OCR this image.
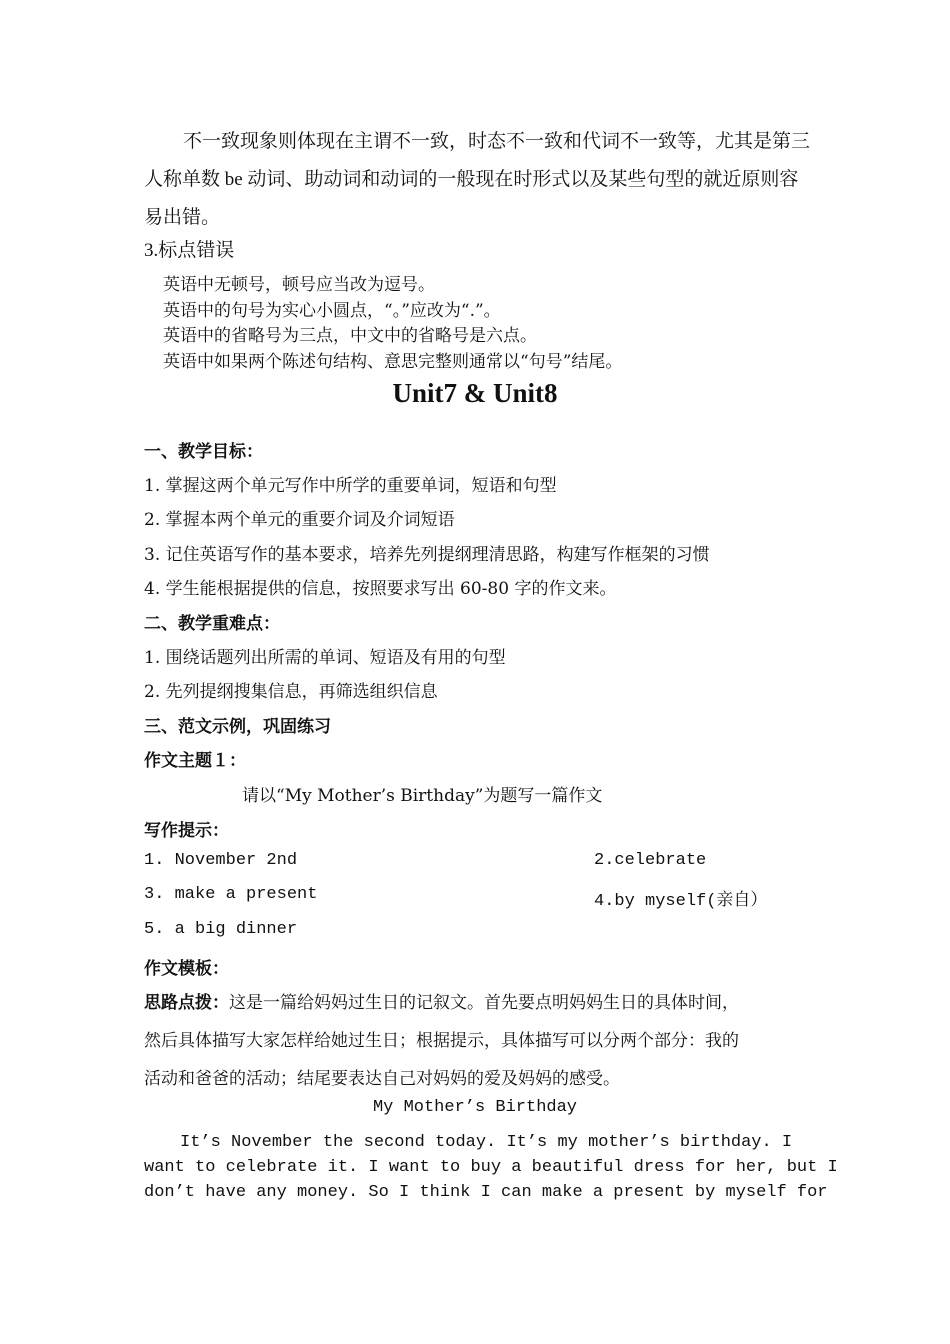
不一致现象则体现在主谓不一致，时态不一致和代词不一致等，尤其是第三
人称单数 be 动词、助动词和动词的一般现在时形式以及某些句型的就近原则容
易出错。
3.标点错误
英语中无顿号，顿号应当改为逗号。
英语中的句号为实心小圆点，“。”应改为“.”。
英语中的省略号为三点，中文中的省略号是六点。
英语中如果两个陈述句结构、意思完整则通常以“句号”结尾。
Unit7 & Unit8
一、教学目标：
1. 掌握这两个单元写作中所学的重要单词，短语和句型
2. 掌握本两个单元的重要介词及介词短语
3. 记住英语写作的基本要求，培养先列提纲理清思路，构建写作框架的习惯
4. 学生能根据提供的信息，按照要求写出 60-80 字的作文来。
二、教学重难点：
1. 围绕话题列出所需的单词、短语及有用的句型
2. 先列提纲搜集信息，再筛选组织信息
三、范文示例，巩固练习
作文主题１：
请以“My Mother’s Birthday”为题写一篇作文
写作提示：
1. November 2nd	2.celebrate
3. make a present	4.by myself(亲自）
5. a big dinner
作文模板：
思路点拨：这是一篇给妈妈过生日的记叙文。首先要点明妈妈生日的具体时间，
然后具体描写大家怎样给她过生日；根据提示，具体描写可以分两个部分：我的
活动和爸爸的活动；结尾要表达自己对妈妈的爱及妈妈的感受。
My Mother’s Birthday
It’s November the second today. It’s my mother’s birthday. I
want to celebrate it. I want to buy a beautiful dress for her, but I
don’t have any money. So I think I can make a present by myself for
